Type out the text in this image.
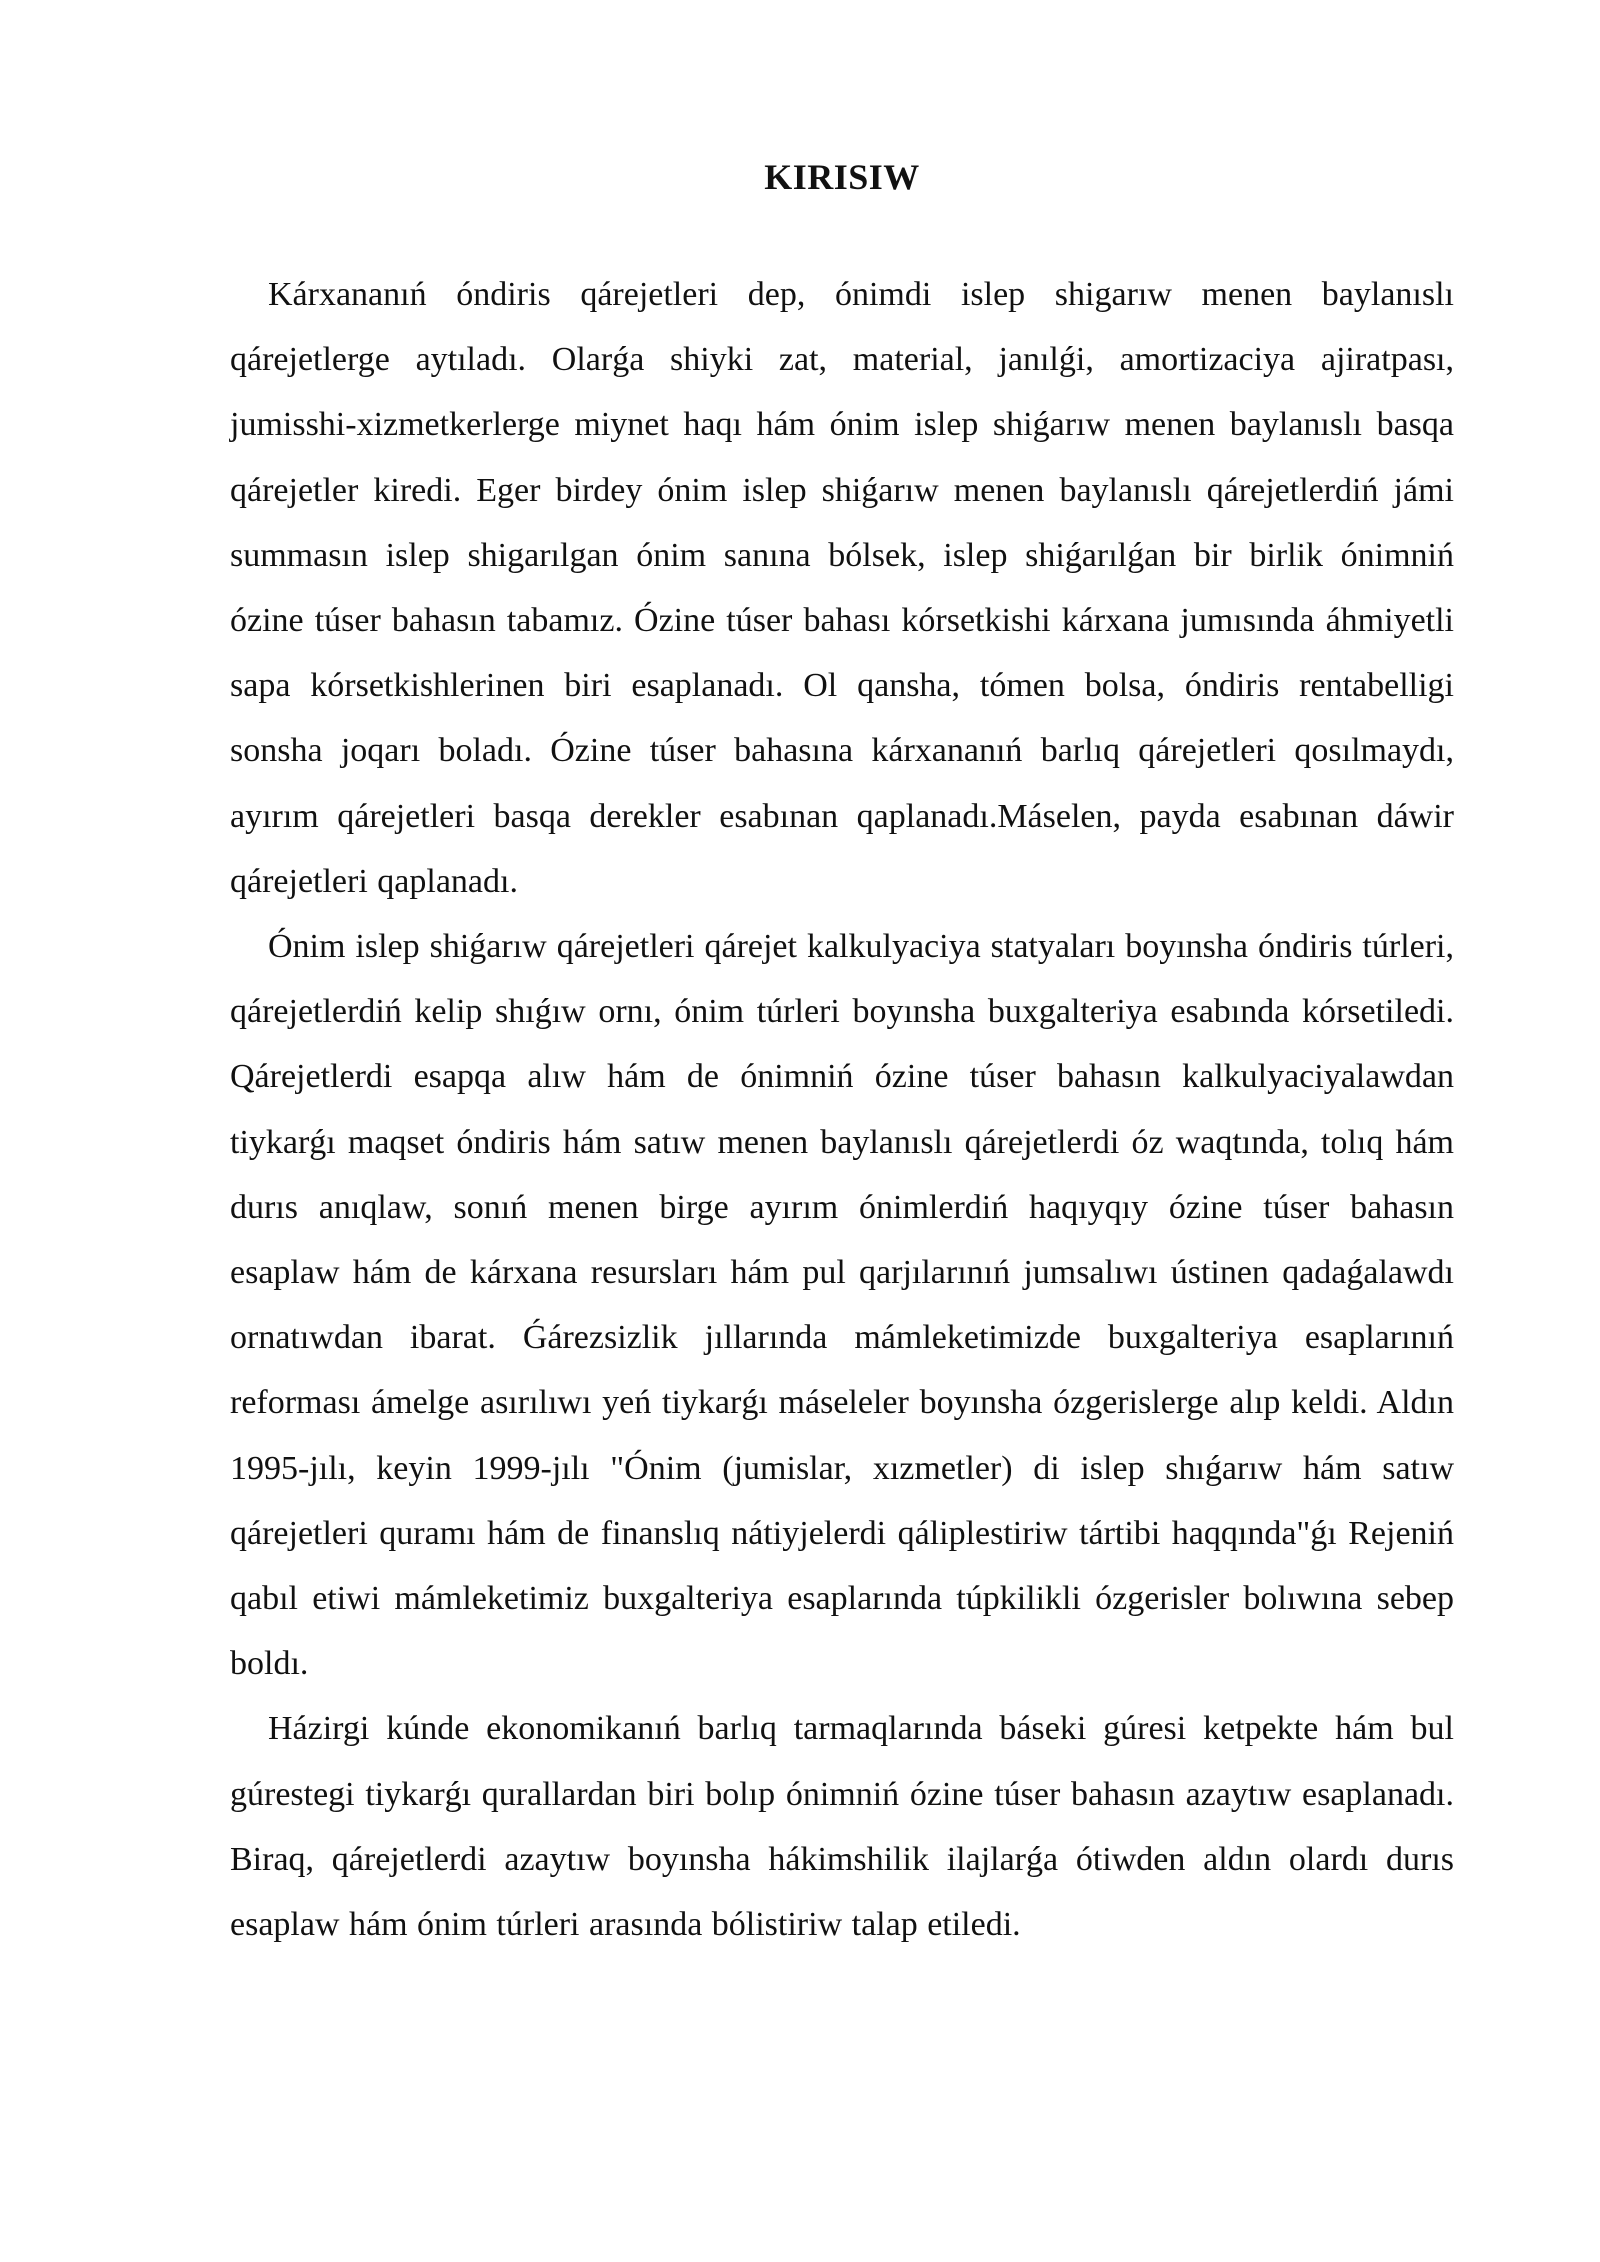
KIRISIW

Kárxananıń óndiris qárejetleri dep, ónimdi islep shigarıw menen baylanıslı qárejetlerge aytıladı. Olarǵa shiyki zat, material, janılǵi, amortizaciya ajiratpası, jumisshi-xizmetkerlerge miynet haqı hám ónim islep shiǵarıw menen baylanıslı basqa qárejetler kiredi. Eger birdey ónim islep shiǵarıw menen baylanıslı qárejetlerdiń jámi summasın islep shigarılgan ónim sanına bólsek, islep shiǵarılǵan bir birlik ónimniń ózine túser bahasın tabamız. Ózine túser bahası kórsetkishi kárxana jumısında áhmiyetli sapa kórsetkishlerinen biri esaplanadı. Ol qansha, tómen bolsa, óndiris rentabelligi sonsha joqarı boladı. Ózine túser bahasına kárxananıń barlıq qárejetleri qosılmaydı, ayırım qárejetleri basqa derekler esabınan qaplanadı.Máselen, payda esabınan dáwir qárejetleri qaplanadı.

Ónim islep shiǵarıw qárejetleri qárejet kalkulyaciya statyaları boyınsha óndiris túrleri, qárejetlerdiń kelip shıǵıw ornı, ónim túrleri boyınsha buxgalteriya esabında kórsetiledi. Qárejetlerdi esapqa alıw hám de ónimniń ózine túser bahasın kalkulyaciyalawdan tiykarǵı maqset óndiris hám satıw menen baylanıslı qárejetlerdi óz waqtında, tolıq hám durıs anıqlaw, sonıń menen birge ayırım ónimlerdiń haqıyqıy ózine túser bahasın esaplaw hám de kárxana resursları hám pul qarjılarınıń jumsalıwı ústinen qadaǵalawdı ornatıwdan ibarat. Ǵárezsizlik jıllarında mámleketimizde buxgalteriya esaplarınıń reforması ámelge asırılıwı yeń tiykarǵı máseleler boyınsha ózgerislerge alıp keldi. Aldın 1995-jılı, keyin 1999-jılı "Ónim (jumislar, xızmetler) di islep shıǵarıw hám satıw qárejetleri quramı hám de finanslıq nátiyjelerdi qáliplestiriw tártibi haqqında"ǵı Rejeniń qabıl etiwi mámleketimiz buxgalteriya esaplarında túpkilikli ózgerisler bolıwına sebep boldı.

Házirgi kúnde ekonomikanıń barlıq tarmaqlarında báseki gúresi ketpekte hám bul gúrestegi tiykarǵı qurallardan biri bolıp ónimniń ózine túser bahasın azaytıw esaplanadı. Biraq, qárejetlerdi azaytıw boyınsha hákimshilik ilajlarǵa ótiwden aldın olardı durıs esaplaw hám ónim túrleri arasında bólistiriw talap etiledi.
